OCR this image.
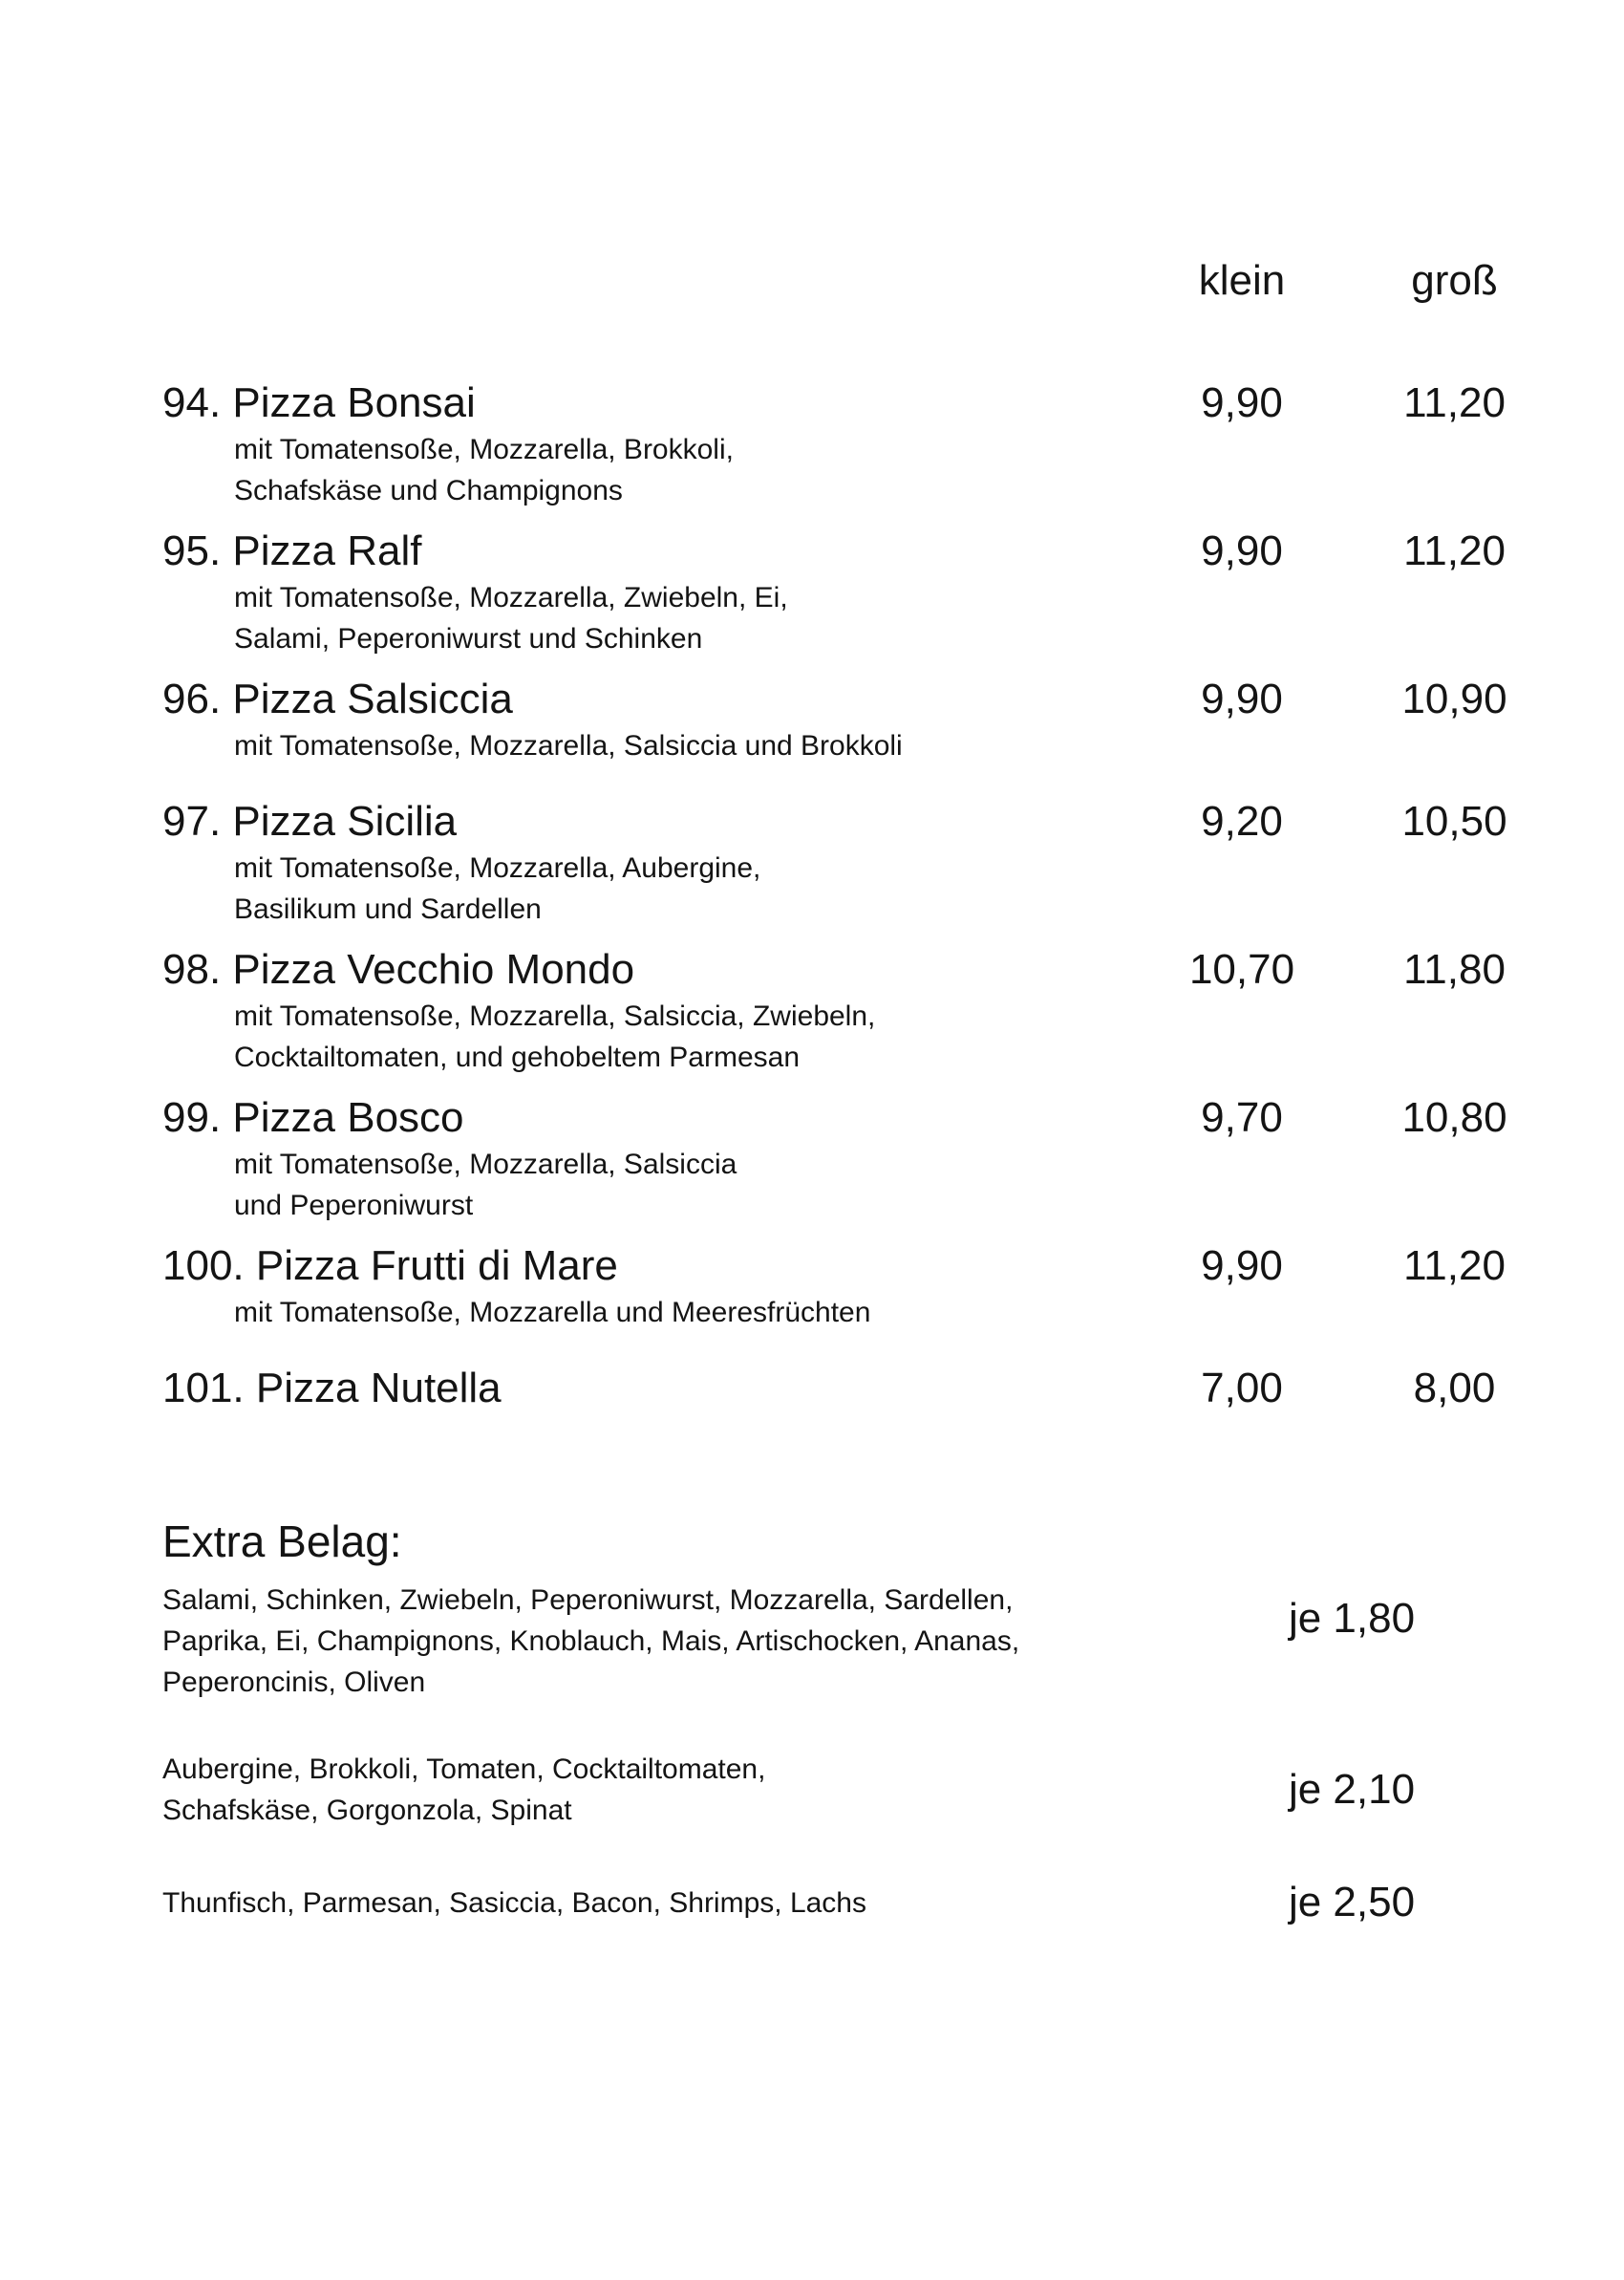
klein	groß
94. Pizza Bonsai	9,90	11,20
mit Tomatensoße, Mozzarella, Brokkoli,
Schafskäse und Champignons
95. Pizza Ralf	9,90	11,20
mit Tomatensoße, Mozzarella, Zwiebeln, Ei,
Salami, Peperoniwurst und Schinken
96. Pizza Salsiccia	9,90	10,90
mit Tomatensoße, Mozzarella, Salsiccia und Brokkoli
97. Pizza Sicilia	9,20	10,50
mit Tomatensoße, Mozzarella, Aubergine,
Basilikum und Sardellen
98. Pizza Vecchio Mondo	10,70	11,80
mit Tomatensoße, Mozzarella, Salsiccia, Zwiebeln,
Cocktailtomaten, und gehobeltem Parmesan
99. Pizza Bosco	9,70	10,80
mit Tomatensoße, Mozzarella, Salsiccia
und Peperoniwurst
100. Pizza Frutti di Mare	9,90	11,20
mit Tomatensoße, Mozzarella und Meeresfrüchten
101. Pizza Nutella	7,00	8,00
Extra Belag:
Salami, Schinken, Zwiebeln, Peperoniwurst, Mozzarella, Sardellen,
Paprika, Ei, Champignons, Knoblauch, Mais, Artischocken, Ananas,
Peperoncinis, Oliven
je 1,80
Aubergine, Brokkoli, Tomaten, Cocktailtomaten,
Schafskäse, Gorgonzola, Spinat	je 2,10
Thunfisch, Parmesan, Sasiccia, Bacon, Shrimps, Lachs	je 2,50
